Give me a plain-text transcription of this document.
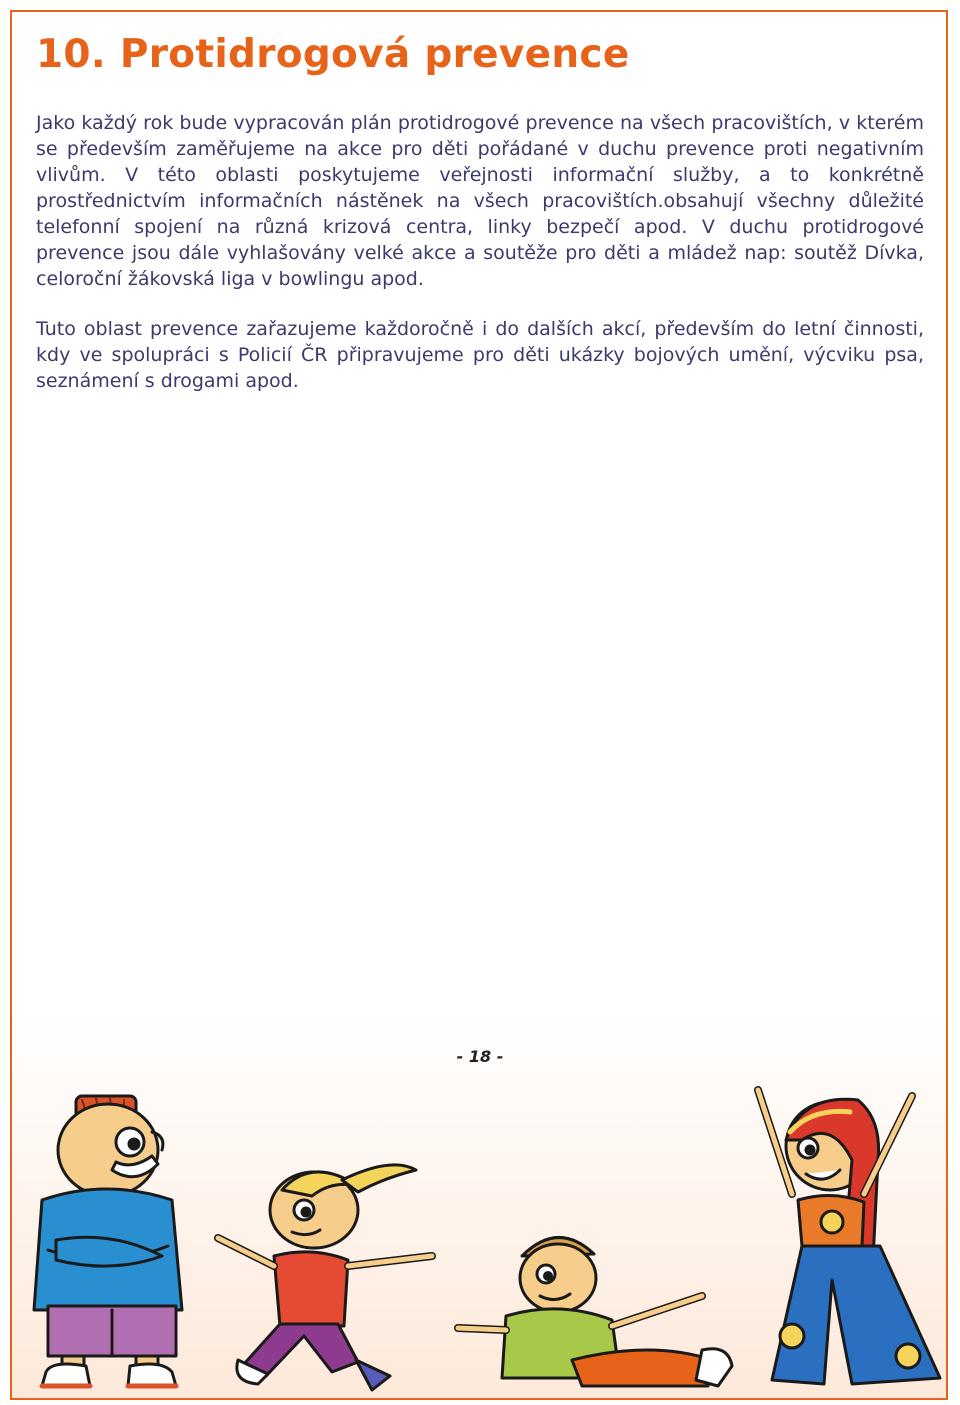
10. Protidrogová prevence

Jako každý rok bude vypracován plán protidrogové prevence na všech pracovištích, v kterém se především zaměřujeme na akce pro děti pořádané v duchu prevence proti negativním vlivům. V této oblasti poskytujeme veřejnosti informační služby, a to konkrétně prostřednictvím informačních nástěnek na všech pracovištích.obsahují všechny důležité telefonní spojení na různá krizová centra, linky bezpečí apod. V duchu protidrogové prevence jsou dále vyhlašovány velké akce a soutěže pro děti a mládež nap: soutěž Dívka, celoroční žákovská liga v bowlingu apod.

Tuto oblast prevence zařazujeme každoročně i do dalších akcí, především do letní činnosti, kdy ve spolupráci s Policií ČR připravujeme pro děti ukázky bojových umění, výcviku psa, seznámení s drogami apod.

- 18 -
